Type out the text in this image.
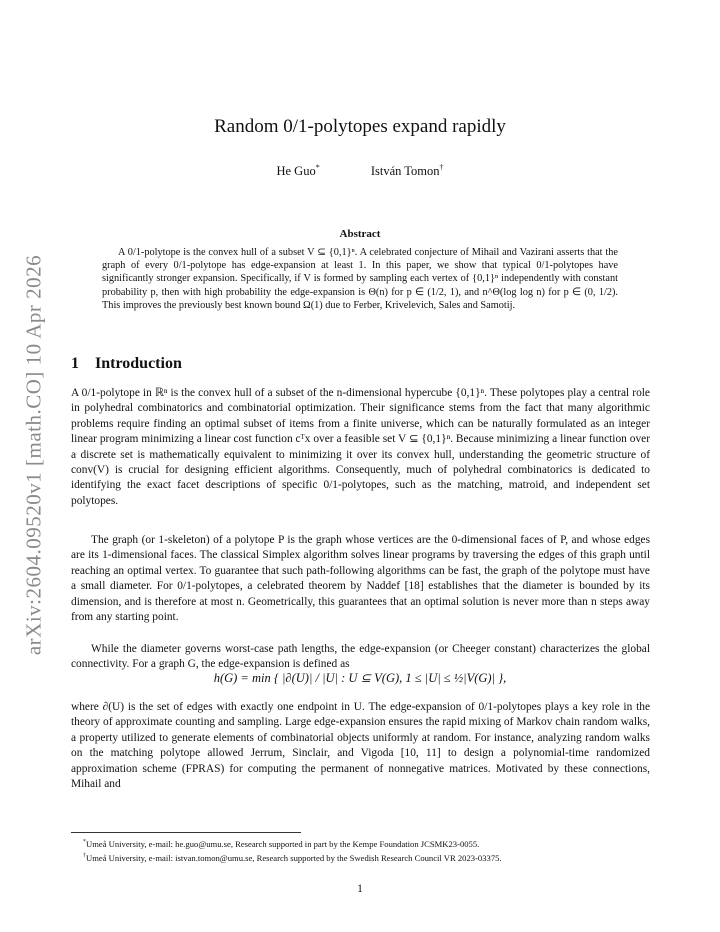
arXiv:2604.09520v1 [math.CO] 10 Apr 2026
Random 0/1-polytopes expand rapidly
He Guo*	István Tomon†
Abstract
A 0/1-polytope is the convex hull of a subset V ⊆ {0,1}ⁿ. A celebrated conjecture of Mihail and Vazirani asserts that the graph of every 0/1-polytope has edge-expansion at least 1. In this paper, we show that typical 0/1-polytopes have significantly stronger expansion. Specifically, if V is formed by sampling each vertex of {0,1}ⁿ independently with constant probability p, then with high probability the edge-expansion is Θ(n) for p ∈ (1/2, 1), and n^Θ(log log n) for p ∈ (0, 1/2). This improves the previously best known bound Ω(1) due to Ferber, Krivelevich, Sales and Samotij.
1 Introduction
A 0/1-polytope in ℝⁿ is the convex hull of a subset of the n-dimensional hypercube {0,1}ⁿ. These polytopes play a central role in polyhedral combinatorics and combinatorial optimization. Their significance stems from the fact that many algorithmic problems require finding an optimal subset of items from a finite universe, which can be naturally formulated as an integer linear program minimizing a linear cost function cᵀx over a feasible set V ⊆ {0,1}ⁿ. Because minimizing a linear function over a discrete set is mathematically equivalent to minimizing it over its convex hull, understanding the geometric structure of conv(V) is crucial for designing efficient algorithms. Consequently, much of polyhedral combinatorics is dedicated to identifying the exact facet descriptions of specific 0/1-polytopes, such as the matching, matroid, and independent set polytopes.
The graph (or 1-skeleton) of a polytope P is the graph whose vertices are the 0-dimensional faces of P, and whose edges are its 1-dimensional faces. The classical Simplex algorithm solves linear programs by traversing the edges of this graph until reaching an optimal vertex. To guarantee that such path-following algorithms can be fast, the graph of the polytope must have a small diameter. For 0/1-polytopes, a celebrated theorem by Naddef [18] establishes that the diameter is bounded by its dimension, and is therefore at most n. Geometrically, this guarantees that an optimal solution is never more than n steps away from any starting point.
While the diameter governs worst-case path lengths, the edge-expansion (or Cheeger constant) characterizes the global connectivity. For a graph G, the edge-expansion is defined as
h(G) = min { |∂(U)| / |U| : U ⊆ V(G), 1 ≤ |U| ≤ ½|V(G)| },
where ∂(U) is the set of edges with exactly one endpoint in U. The edge-expansion of 0/1-polytopes plays a key role in the theory of approximate counting and sampling. Large edge-expansion ensures the rapid mixing of Markov chain random walks, a property utilized to generate elements of combinatorial objects uniformly at random. For instance, analyzing random walks on the matching polytope allowed Jerrum, Sinclair, and Vigoda [10, 11] to design a polynomial-time randomized approximation scheme (FPRAS) for computing the permanent of nonnegative matrices. Motivated by these connections, Mihail and
*Umeå University, e-mail: he.guo@umu.se, Research supported in part by the Kempe Foundation JCSMK23-0055.
†Umeå University, e-mail: istvan.tomon@umu.se, Research supported by the Swedish Research Council VR 2023-03375.
1
